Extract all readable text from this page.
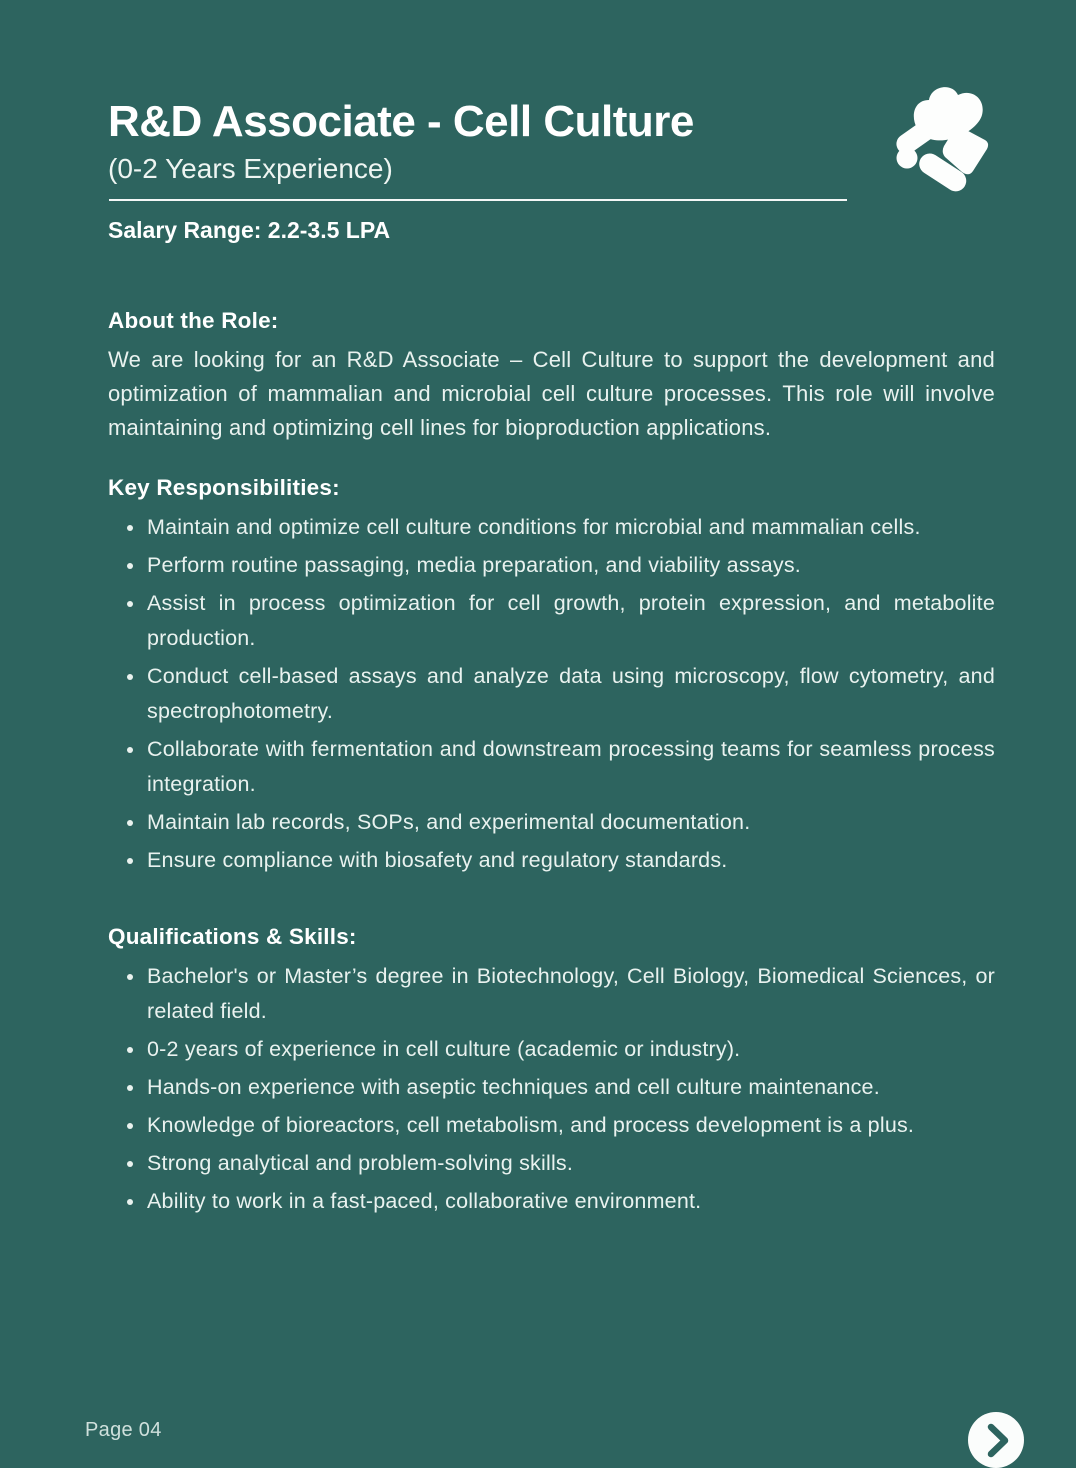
R&D Associate - Cell Culture
(0-2 Years Experience)
Salary Range: 2.2-3.5 LPA
About the Role:

We are looking for an R&D Associate – Cell Culture to support the development and optimization of mammalian and microbial cell culture processes. This role will involve maintaining and optimizing cell lines for bioproduction applications.

Key Responsibilities:
Maintain and optimize cell culture conditions for microbial and mammalian cells.
Perform routine passaging, media preparation, and viability assays.
Assist in process optimization for cell growth, protein expression, and metabolite production.
Conduct cell-based assays and analyze data using microscopy, flow cytometry, and spectrophotometry.
Collaborate with fermentation and downstream processing teams for seamless process integration.
Maintain lab records, SOPs, and experimental documentation.
Ensure compliance with biosafety and regulatory standards.
Qualifications & Skills:
Bachelor's or Master’s degree in Biotechnology, Cell Biology, Biomedical Sciences, or related field.
0-2 years of experience in cell culture (academic or industry).
Hands-on experience with aseptic techniques and cell culture maintenance.
Knowledge of bioreactors, cell metabolism, and process development is a plus.
Strong analytical and problem-solving skills.
Ability to work in a fast-paced, collaborative environment.
Page 04
